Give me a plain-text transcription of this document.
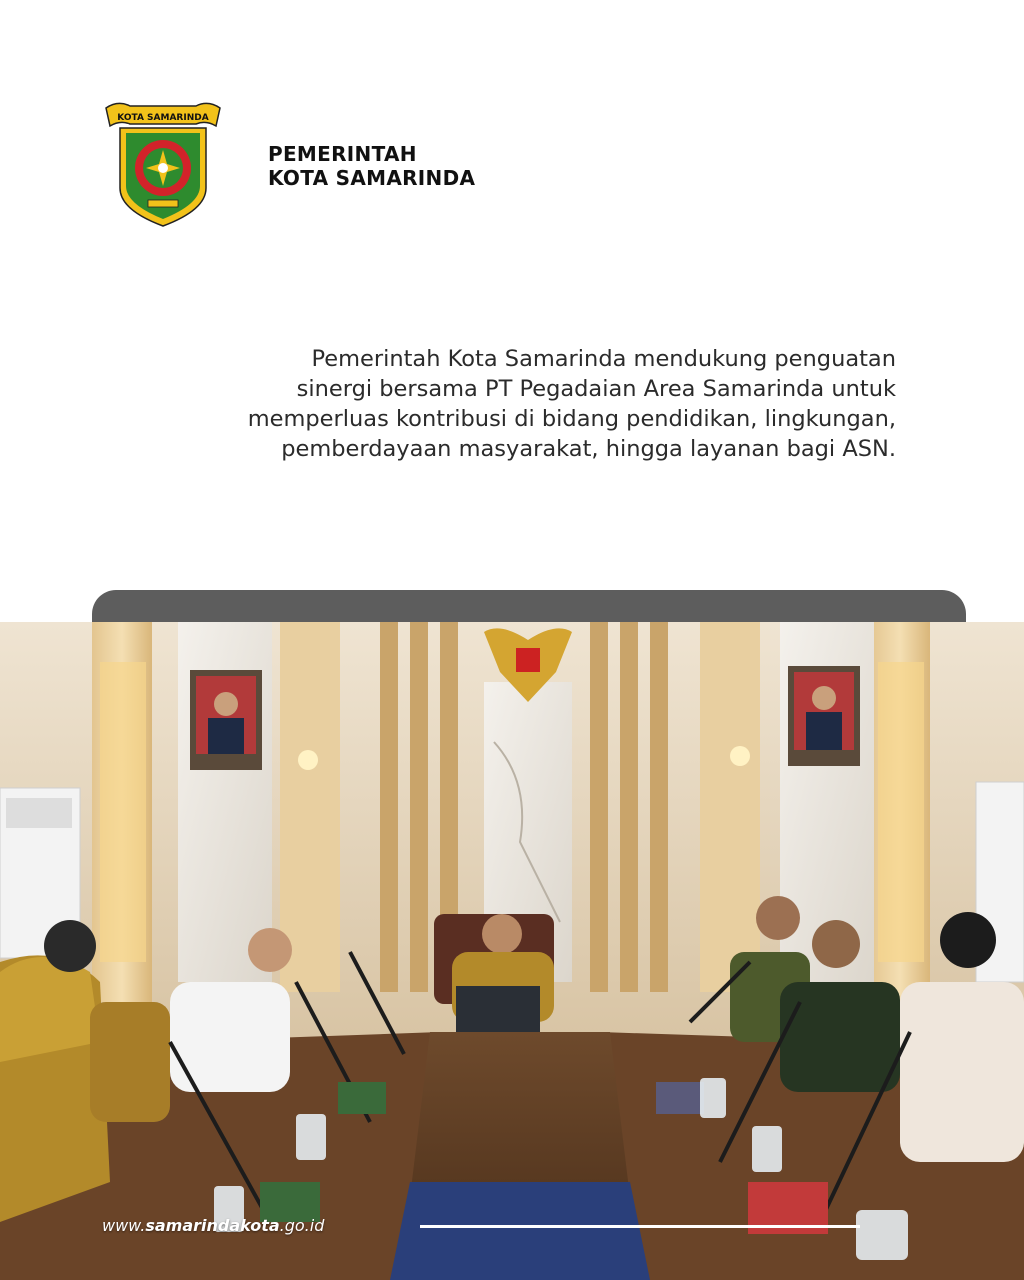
KOTA SAMARINDA
PEMERINTAH
KOTA SAMARINDA
Pemerintah Kota Samarinda mendukung penguatan
sinergi bersama PT Pegadaian Area Samarinda untuk
memperluas kontribusi di bidang pendidikan, lingkungan,
pemberdayaan masyarakat, hingga layanan bagi ASN.
www.samarindakota.go.id
